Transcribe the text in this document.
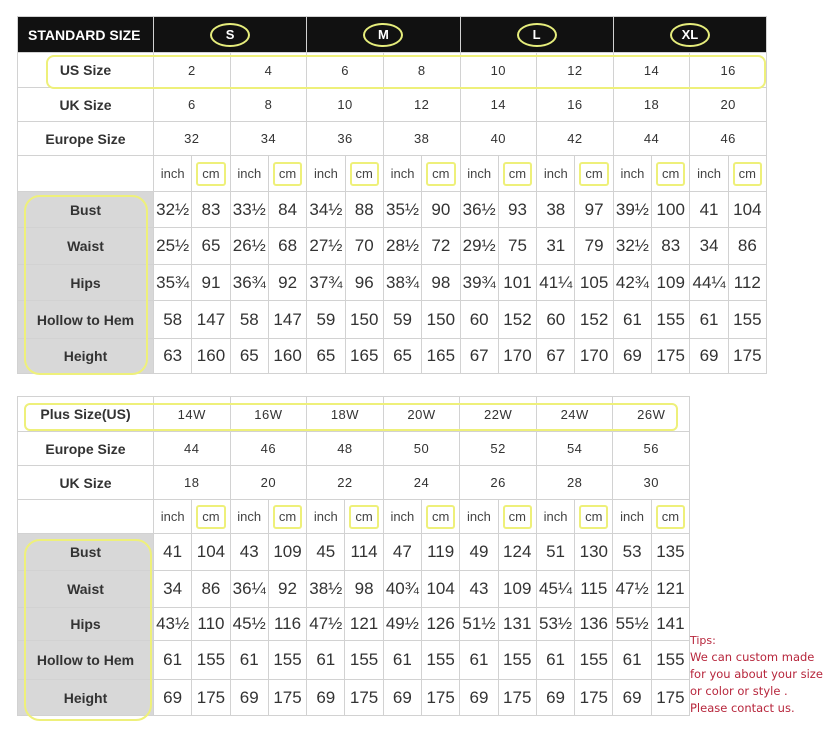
STANDARD SIZE	S				M				L				XL			
US Size	2		4		6		8		10		12		14		16	
UK Size	6		8		10		12		14		16		18		20	
Europe Size	32		34		36		38		40		42		44		46	
	inch	cm	inch	cm	inch	cm	inch	cm	inch	cm	inch	cm	inch	cm	inch	cm
Bust	32½	83	33½	84	34½	88	35½	90	36½	93	38	97	39½	100	41	104
Waist	25½	65	26½	68	27½	70	28½	72	29½	75	31	79	32½	83	34	86
Hips	35¾	91	36¾	92	37¾	96	38¾	98	39¾	101	41¼	105	42¾	109	44¼	112
Hollow to Hem	58	147	58	147	59	150	59	150	60	152	60	152	61	155	61	155
Height	63	160	65	160	65	165	65	165	67	170	67	170	69	175	69	175
Plus Size(US)	14W		16W		18W		20W		22W		24W		26W	
Europe Size	44		46		48		50		52		54		56	
UK Size	18		20		22		24		26		28		30	
	inch	cm	inch	cm	inch	cm	inch	cm	inch	cm	inch	cm	inch	cm
Bust	41	104	43	109	45	114	47	119	49	124	51	130	53	135
Waist	34	86	36¼	92	38½	98	40¾	104	43	109	45¼	115	47½	121
Hips	43½	110	45½	116	47½	121	49½	126	51½	131	53½	136	55½	141
Hollow to Hem	61	155	61	155	61	155	61	155	61	155	61	155	61	155
Height	69	175	69	175	69	175	69	175	69	175	69	175	69	175
Tips:
We can custom made
for you about your size
or color or style .
Please contact us.
